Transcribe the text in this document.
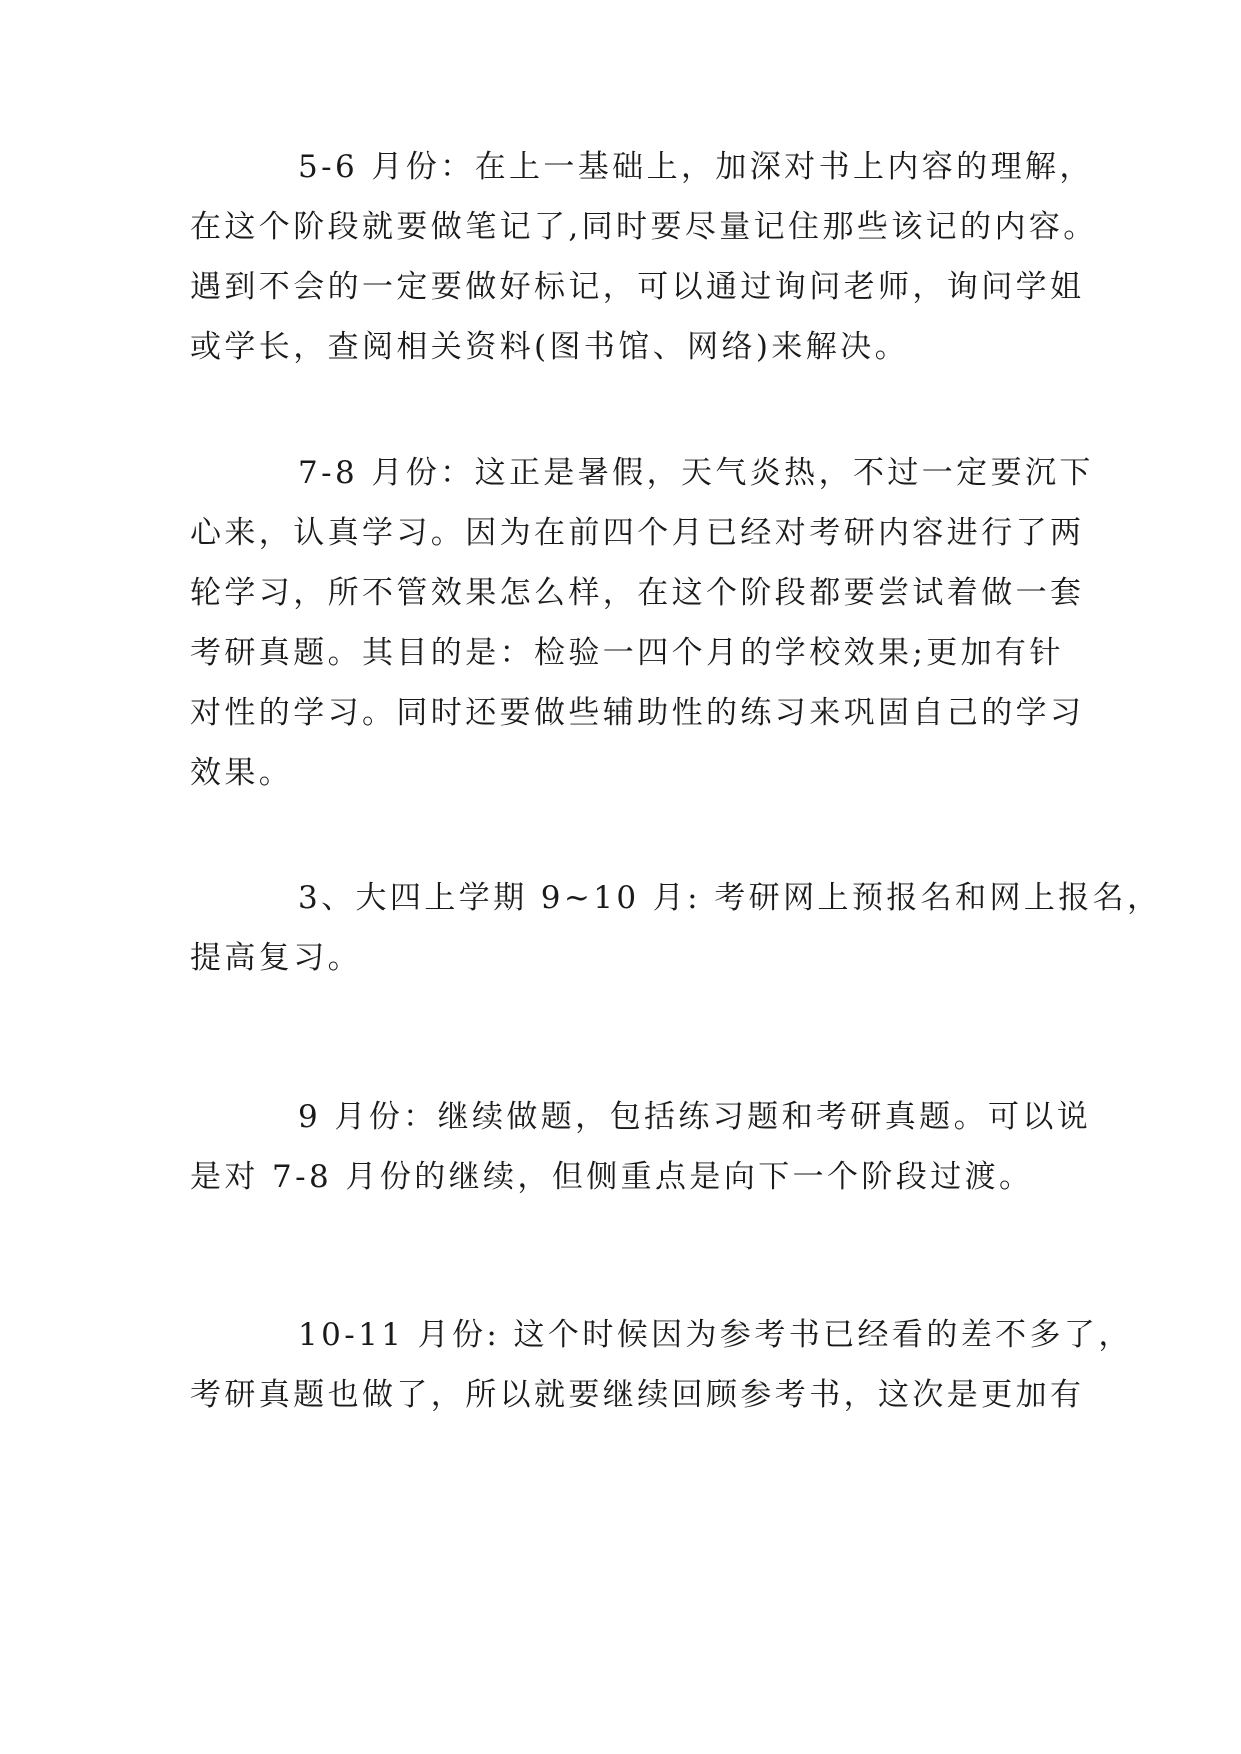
5-6 月份：在上一基础上，加深对书上内容的理解，
在这个阶段就要做笔记了,同时要尽量记住那些该记的内容。
遇到不会的一定要做好标记，可以通过询问老师，询问学姐
或学长，查阅相关资料(图书馆、网络)来解决。
7-8 月份：这正是暑假，天气炎热，不过一定要沉下
心来，认真学习。因为在前四个月已经对考研内容进行了两
轮学习，所不管效果怎么样，在这个阶段都要尝试着做一套
考研真题。其目的是：检验一四个月的学校效果;更加有针
对性的学习。同时还要做些辅助性的练习来巩固自己的学习
效果。
3、大四上学期 9~10 月: 考研网上预报名和网上报名，
提高复习。
9 月份：继续做题，包括练习题和考研真题。可以说
是对 7-8 月份的继续，但侧重点是向下一个阶段过渡。
10-11 月份: 这个时候因为参考书已经看的差不多了，
考研真题也做了，所以就要继续回顾参考书，这次是更加有
